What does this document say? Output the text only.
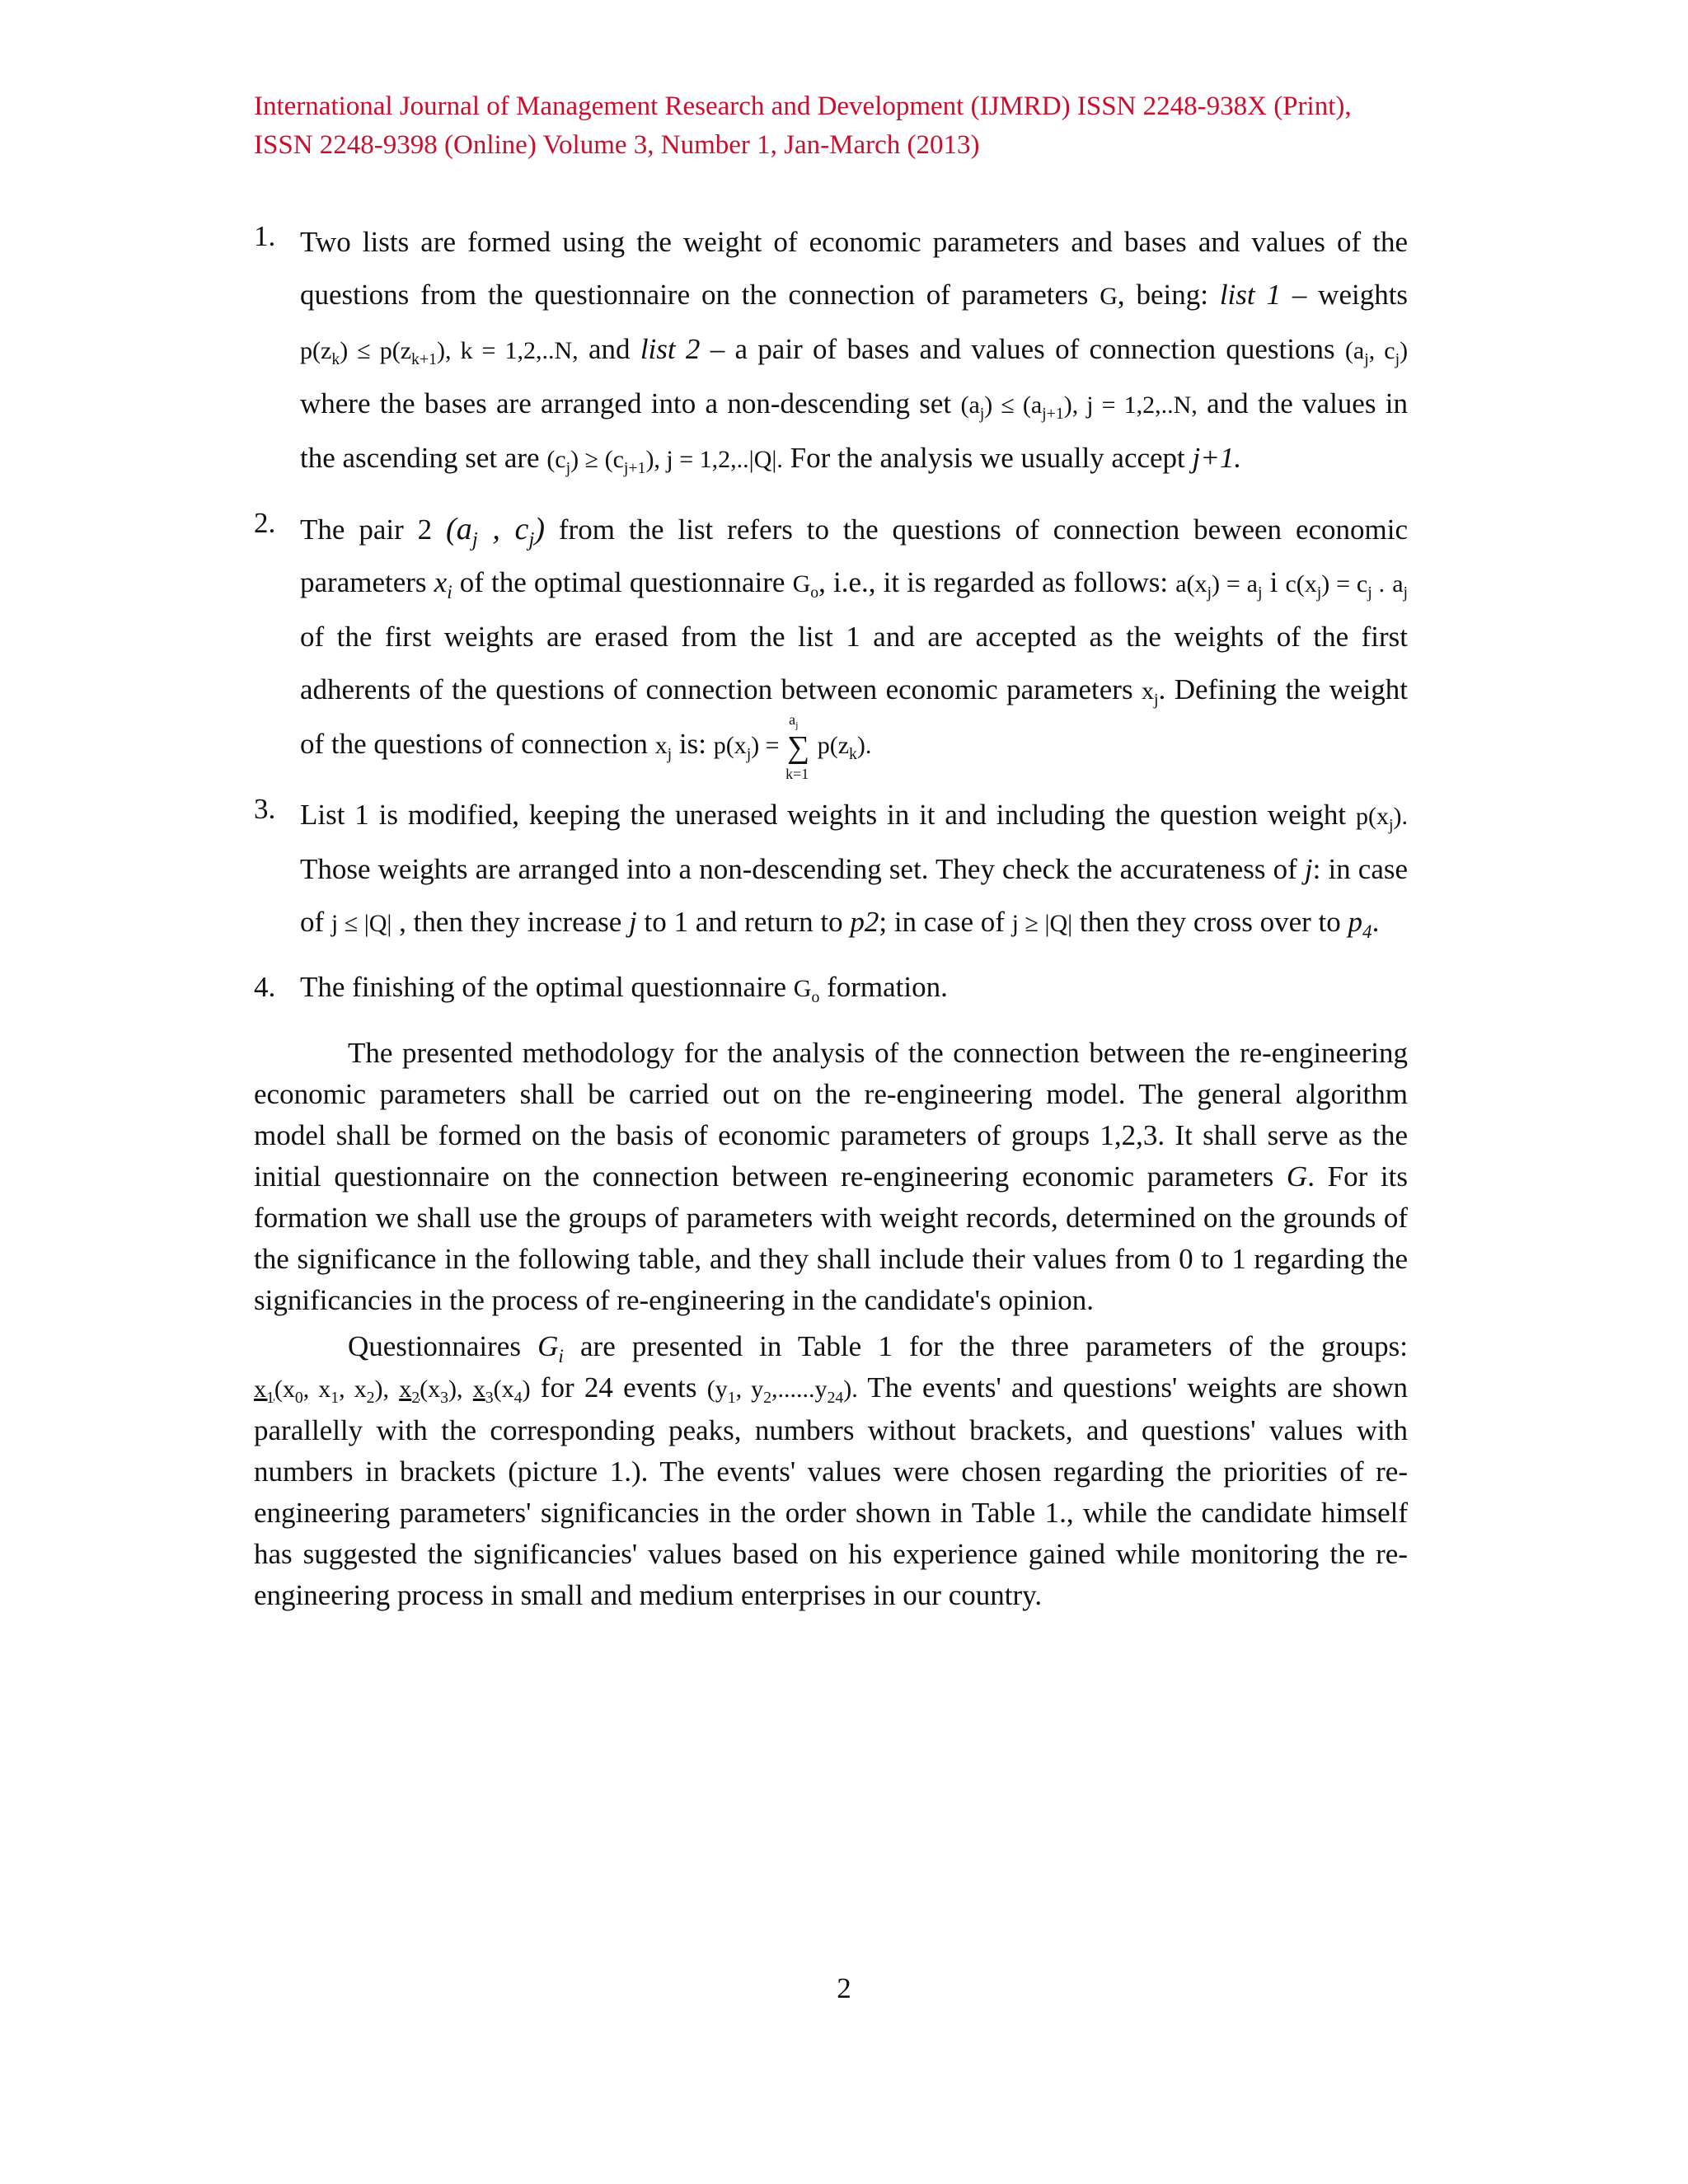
International Journal of Management Research and Development (IJMRD) ISSN 2248-938X (Print),
ISSN 2248-9398 (Online) Volume 3, Number 1, Jan-March (2013)
1. Two lists are formed using the weight of economic parameters and bases and values of the questions from the questionnaire on the connection of parameters G, being: list 1 – weights $p(z_k) \le p(z_{k+1})$, k = 1,2,..N, and list 2 – a pair of bases and values of connection questions ($a_j$, $c_j$) where the bases are arranged into a non-descending set $(a_j) \le (a_{j+1})$, j = 1,2,..N, and the values in the ascending set are $(c_j) \ge (c_{j+1})$, j = 1,2,..|Q|. For the analysis we usually accept j+1.

2. The pair 2 ($a_j$ , $c_j$) from the list refers to the questions of connection beween economic parameters $x_i$ of the optimal questionnaire $G_o$, i.e., it is regarded as follows: $a(x_j) = a_j$ i $c(x_j) = c_j$ . $a_j$ of the first weights are erased from the list 1 and are accepted as the weights of the first adherents of the questions of connection between economic parameters $x_j$. Defining the weight of the questions of connection $x_j$ is: $p(x_j)$ = ∑
$a_j$
k=1
$p(z_k)$.

3. List 1 is modified, keeping the unerased weights in it and including the question weight $p(x_j)$. Those weights are arranged into a non-descending set. They check the accurateness of j: in case of j ≤ |Q| , then they increase j to 1 and return to p2; in case of j ≥ |Q| then they cross over to $p_4$.

4. The finishing of the optimal questionnaire $G_o$ formation.

The presented methodology for the analysis of the connection between the re-engineering economic parameters shall be carried out on the re-engineering model. The general algorithm model shall be formed on the basis of economic parameters of groups 1,2,3. It shall serve as the initial questionnaire on the connection between re-engineering economic parameters G. For its formation we shall use the groups of parameters with weight records, determined on the grounds of the significance in the following table, and they shall include their values from 0 to 1 regarding the significancies in the process of re-engineering in the candidate's opinion.

Questionnaires $G_i$ are presented in Table 1 for the three parameters of the groups: $x_1(x_0$, $x_1$, $x_2$), $x_2(x_3)$, $x_3(x_4)$ for 24 events ($y_1$, $y_2,......y_{24}$). The events' and questions' weights are shown parallelly with the corresponding peaks, numbers without brackets, and questions' values with numbers in brackets (picture 1.). The events' values were chosen regarding the priorities of re-engineering parameters' significancies in the order shown in Table 1., while the candidate himself has suggested the significancies' values based on his experience gained while monitoring the re-engineering process in small and medium enterprises in our country.

2
